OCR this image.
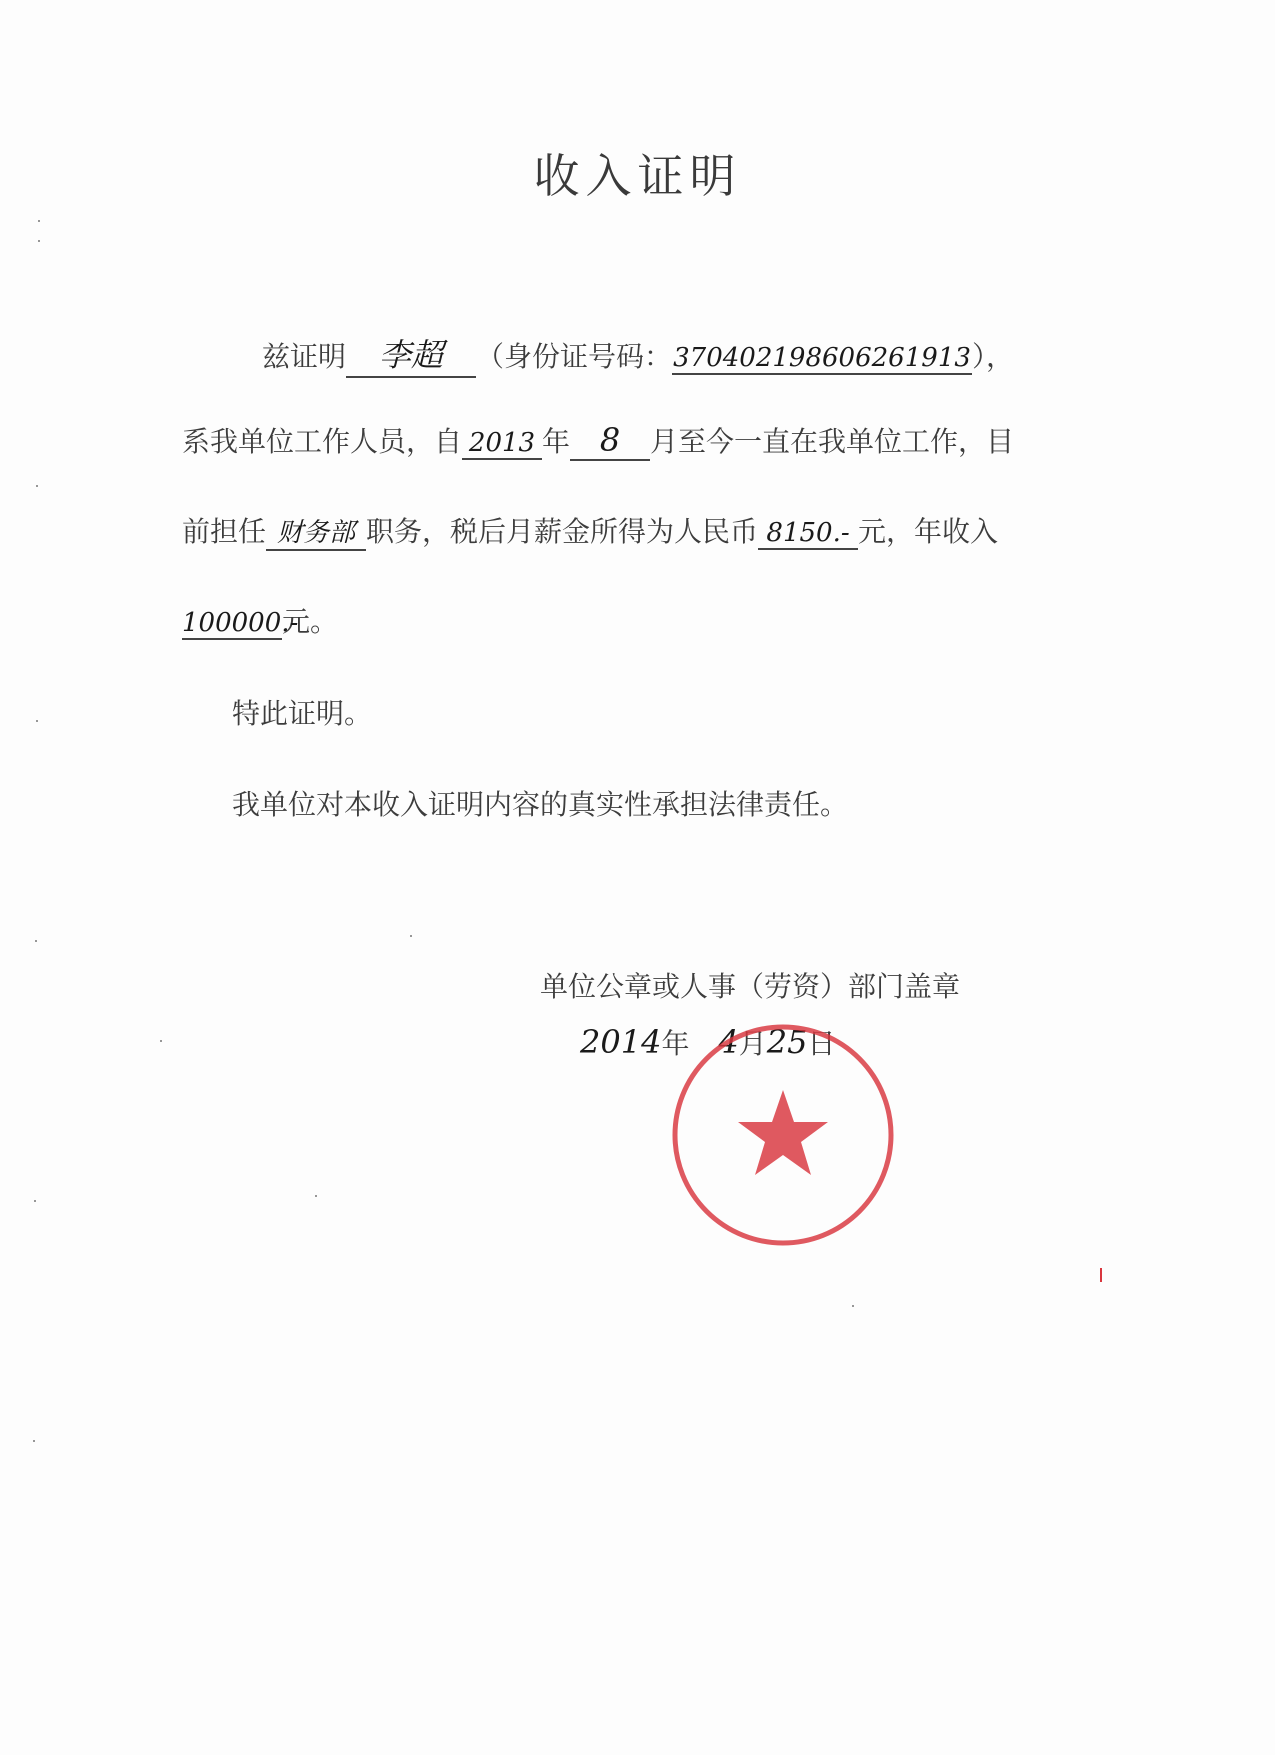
收入证明
兹证明 李超 （身份证号码：370402198606261913），
系我单位工作人员，自 2013 年 8 月至今一直在我单位工作，目
前担任 财务部 职务，税后月薪金所得为人民币 8150.- 元，年收入
100000.-元。
特此证明。
我单位对本收入证明内容的真实性承担法律责任。
单位公章或人事（劳资）部门盖章
2014年 4月25日
